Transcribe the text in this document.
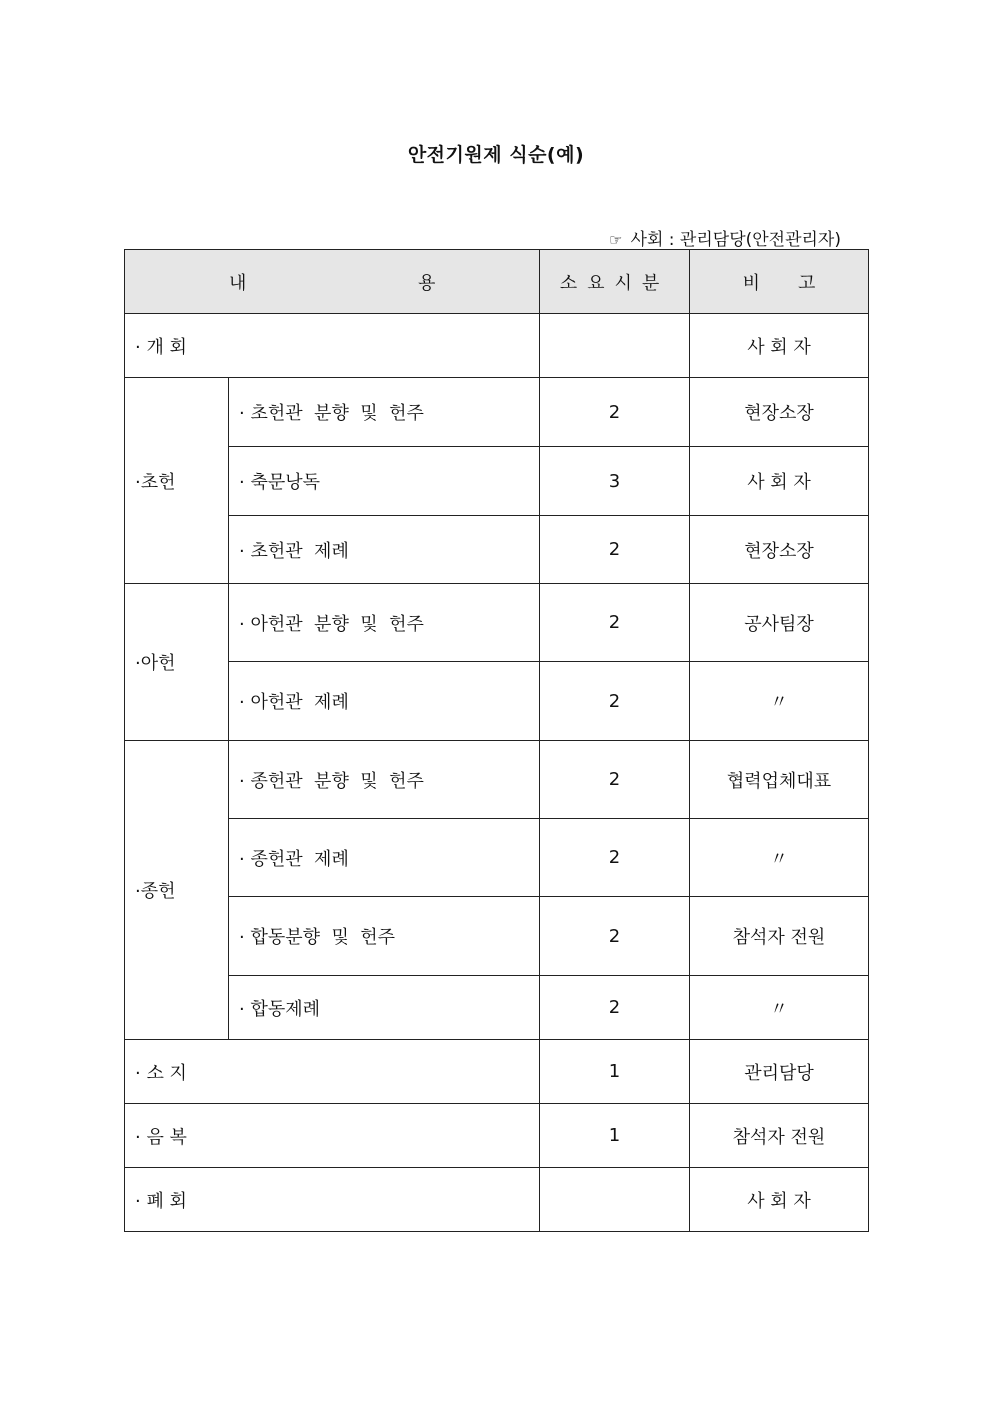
안전기원제 식순(예)
☞ 사회 : 관리담당(안전관리자)
내 용		소요시분	비 고
· 개 회			사 회 자
·초헌	· 초헌관  분향  및  헌주	2	현장소장
	· 축문낭독	3	사 회 자
	· 초헌관  제례	2	현장소장
·아헌	· 아헌관  분향  및  헌주	2	공사팀장
	· 아헌관  제례	2	〃
·종헌	· 종헌관  분향  및  헌주	2	협력업체대표
	· 종헌관  제례	2	〃
	· 합동분향  및  헌주	2	참석자 전원
	· 합동제례	2	〃
· 소 지		1	관리담당
· 음 복		1	참석자 전원
· 폐 회			사 회 자
